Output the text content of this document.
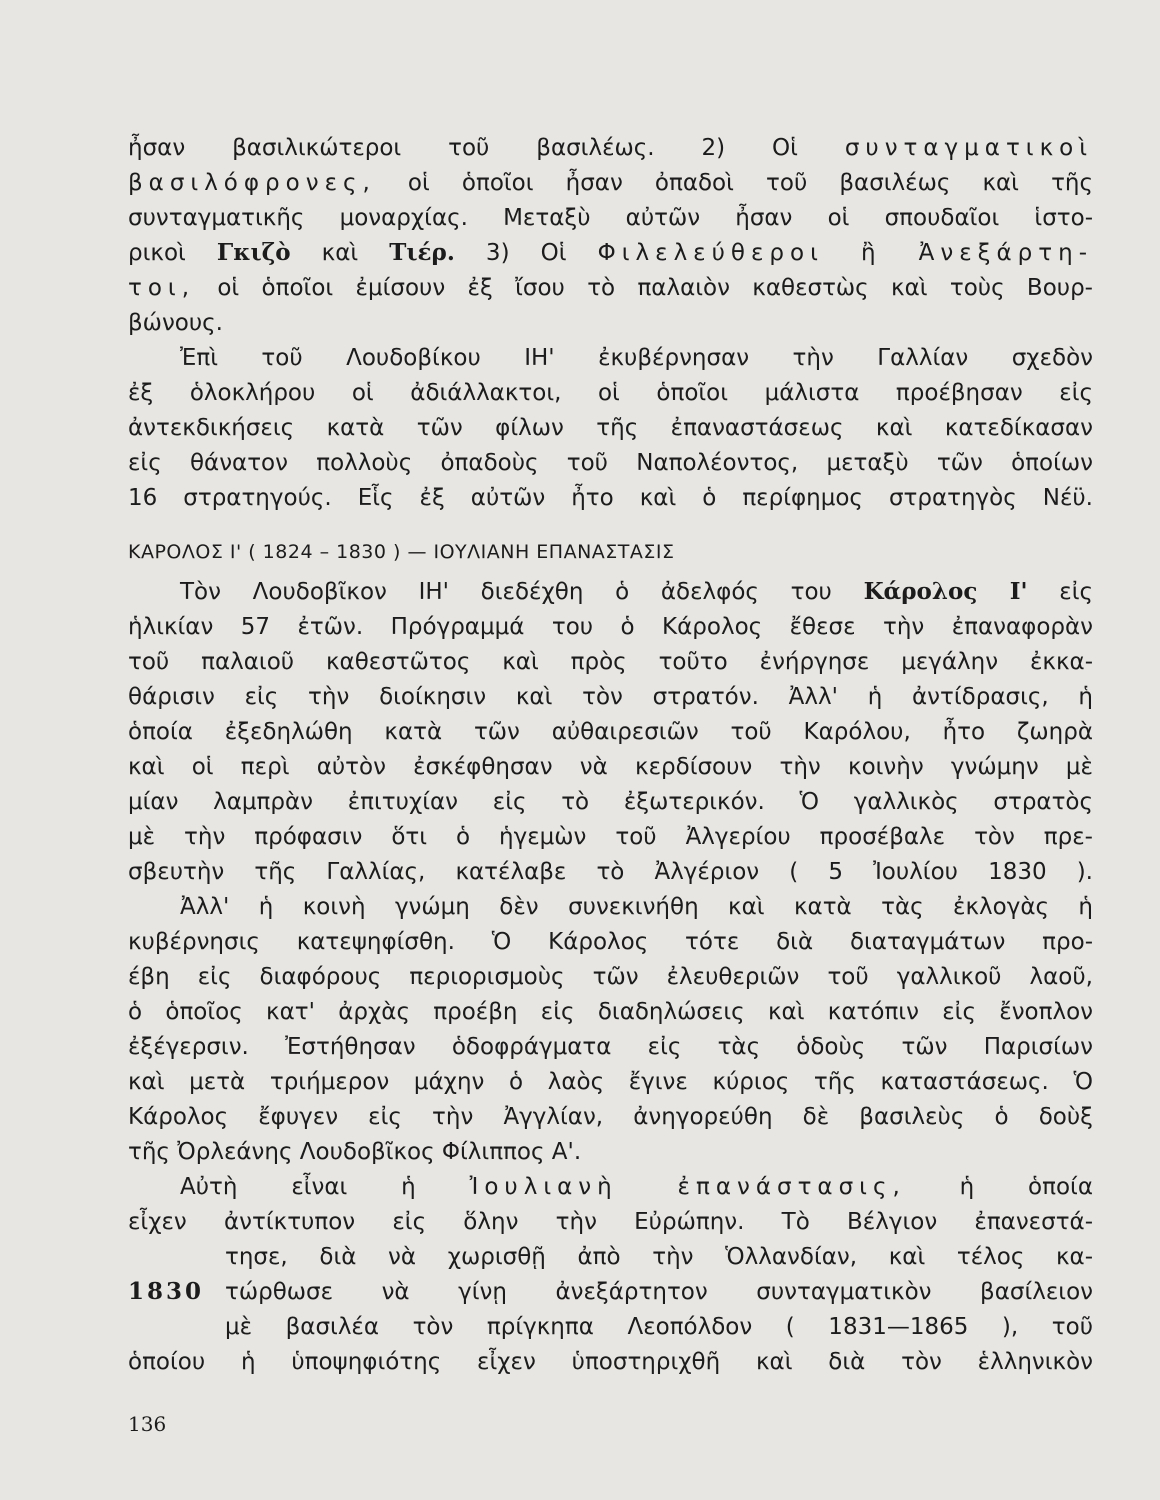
ἦσαν βασιλικώτεροι τοῦ βασιλέως. 2) Οἱ συνταγματικοὶ
βασιλόφρονες, οἱ ὁποῖοι ἦσαν ὀπαδοὶ τοῦ βασιλέως καὶ τῆς
συνταγματικῆς μοναρχίας. Μεταξὺ αὐτῶν ἦσαν οἱ σπουδαῖοι ἱστο-
ρικοὶ Γκιζὸ καὶ Τιέρ. 3) Οἱ Φιλελεύθεροι ἢ Ἀνεξάρτη-
τοι, οἱ ὁποῖοι ἐμίσουν ἐξ ἴσου τὸ παλαιὸν καθεστὼς καὶ τοὺς Βουρ-
βώνους.
Ἐπὶ τοῦ Λουδοβίκου ΙΗ' ἐκυβέρνησαν τὴν Γαλλίαν σχεδὸν
ἐξ ὁλοκλήρου οἱ ἀδιάλλακτοι, οἱ ὁποῖοι μάλιστα προέβησαν εἰς
ἀντεκδικήσεις κατὰ τῶν φίλων τῆς ἐπαναστάσεως καὶ κατεδίκασαν
εἰς θάνατον πολλοὺς ὀπαδοὺς τοῦ Ναπολέοντος, μεταξὺ τῶν ὁποίων
16 στρατηγούς. Εἷς ἐξ αὐτῶν ἦτο καὶ ὁ περίφημος στρατηγὸς Νέϋ.
ΚΑΡΟΛΟΣ Ι' ( 1824 – 1830 ) — ΙΟΥΛΙΑΝΗ ΕΠΑΝΑΣΤΑΣΙΣ
Τὸν Λουδοβῖκον ΙΗ' διεδέχθη ὁ ἀδελφός του Κάρολος Ι' εἰς
ἡλικίαν 57 ἐτῶν. Πρόγραμμά του ὁ Κάρολος ἔθεσε τὴν ἐπαναφορὰν
τοῦ παλαιοῦ καθεστῶτος καὶ πρὸς τοῦτο ἐνήργησε μεγάλην ἐκκα-
θάρισιν εἰς τὴν διοίκησιν καὶ τὸν στρατόν. Ἀλλ' ἡ ἀντίδρασις, ἡ
ὁποία ἐξεδηλώθη κατὰ τῶν αὐθαιρεσιῶν τοῦ Καρόλου, ἦτο ζωηρὰ
καὶ οἱ περὶ αὐτὸν ἐσκέφθησαν νὰ κερδίσουν τὴν κοινὴν γνώμην μὲ
μίαν λαμπρὰν ἐπιτυχίαν εἰς τὸ ἐξωτερικόν. Ὁ γαλλικὸς στρατὸς
μὲ τὴν πρόφασιν ὅτι ὁ ἡγεμὼν τοῦ Ἀλγερίου προσέβαλε τὸν πρε-
σβευτὴν τῆς Γαλλίας, κατέλαβε τὸ Ἀλγέριον ( 5 Ἰουλίου 1830 ).
Ἀλλ' ἡ κοινὴ γνώμη δὲν συνεκινήθη καὶ κατὰ τὰς ἐκλογὰς ἡ
κυβέρνησις κατεψηφίσθη. Ὁ Κάρολος τότε διὰ διαταγμάτων προ-
έβη εἰς διαφόρους περιορισμοὺς τῶν ἐλευθεριῶν τοῦ γαλλικοῦ λαοῦ,
ὁ ὁποῖος κατ' ἀρχὰς προέβη εἰς διαδηλώσεις καὶ κατόπιν εἰς ἔνοπλον
ἐξέγερσιν. Ἐστήθησαν ὁδοφράγματα εἰς τὰς ὁδοὺς τῶν Παρισίων
καὶ μετὰ τριήμερον μάχην ὁ λαὸς ἔγινε κύριος τῆς καταστάσεως. Ὁ
Κάρολος ἔφυγεν εἰς τὴν Ἀγγλίαν, ἀνηγορεύθη δὲ βασιλεὺς ὁ δοὺξ
τῆς Ὀρλεάνης Λουδοβῖκος Φίλιππος Α'.
Αὐτὴ εἶναι ἡ Ἰουλιανὴ ἐπανάστασις, ἡ ὁποία
εἶχεν ἀντίκτυπον εἰς ὅλην τὴν Εὐρώπην. Τὸ Βέλγιον ἐπανεστά-
τησε, διὰ νὰ χωρισθῇ ἀπὸ τὴν Ὁλλανδίαν, καὶ τέλος κα-
τώρθωσε νὰ γίνῃ ἀνεξάρτητον συνταγματικὸν βασίλειον
μὲ βασιλέα τὸν πρίγκηπα Λεοπόλδον ( 1831—1865 ), τοῦ
ὁποίου ἡ ὑποψηφιότης εἶχεν ὑποστηριχθῆ καὶ διὰ τὸν ἑλληνικὸν
1830
136
